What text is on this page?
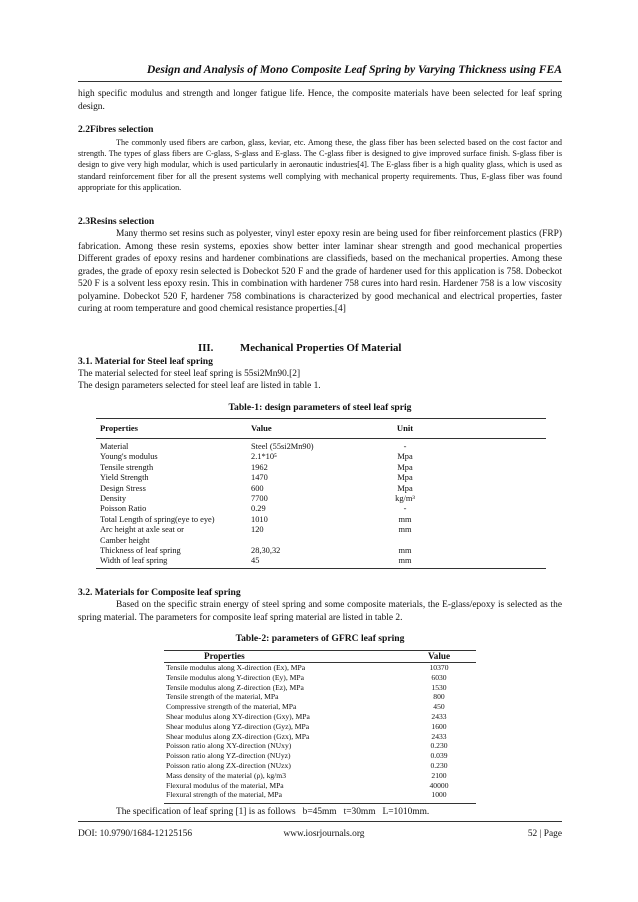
Design and Analysis of Mono Composite Leaf Spring by Varying Thickness using FEA

high specific modulus and strength and longer fatigue life. Hence, the composite materials have been selected for leaf spring design.

2.2Fibres selection

The commonly used fibers are carbon, glass, keviar, etc. Among these, the glass fiber has been selected based on the cost factor and strength. The types of glass fibers are C-glass, S-glass and E-glass. The C-glass fiber is designed to give improved surface finish. S-glass fiber is design to give very high modular, which is used particularly in aeronautic industries[4]. The E-glass fiber is a high quality glass, which is used as standard reinforcement fiber for all the present systems well complying with mechanical property requirements. Thus, E-glass fiber was found appropriate for this application.

2.3Resins selection

Many thermo set resins such as polyester, vinyl ester epoxy resin are being used for fiber reinforcement plastics (FRP) fabrication. Among these resin systems, epoxies show better inter laminar shear strength and good mechanical properties Different grades of epoxy resins and hardener combinations are classifieds, based on the mechanical properties. Among these grades, the grade of epoxy resin selected is Dobeckot 520 F and the grade of hardener used for this application is 758. Dobeckot 520 F is a solvent less epoxy resin. This in combination with hardener 758 cures into hard resin. Hardener 758 is a low viscosity polyamine. Dobeckot 520 F, hardener 758 combinations is characterized by good mechanical and electrical properties, faster curing at room temperature and good chemical resistance properties.[4]

III. Mechanical Properties Of Material

3.1. Material for Steel leaf spring

The material selected for steel leaf spring is 55si2Mn90.[2]

The design parameters selected for steel leaf are listed in table 1.

Table-1: design parameters of steel leaf sprig

Properties	Value	Unit
Material	Steel (55si2Mn90)	-
Young's modulus	2.1*10⁵	Mpa
Tensile strength	1962	Mpa
Yield Strength	1470	Mpa
Design Stress	600	Mpa
Density	7700	kg/m³
Poisson Ratio	0.29	-
Total Length of spring(eye to eye)	1010	mm
Arc height at axle seat or	120	mm
Camber height
Thickness of leaf spring	28,30,32	mm
Width of leaf spring	45	mm

3.2. Materials for Composite leaf spring

Based on the specific strain energy of steel spring and some composite materials, the E-glass/epoxy is selected as the spring material. The parameters for composite leaf spring material are listed in table 2.

Table-2: parameters of GFRC leaf spring

Properties	Value
Tensile modulus along X-direction (Ex), MPa	10370
Tensile modulus along Y-direction (Ey), MPa	6030
Tensile modulus along Z-direction (Ez), MPa	1530
Tensile strength of the material, MPa	800
Compressive strength of the material, MPa	450
Shear modulus along XY-direction (Gxy), MPa	2433
Shear modulus along YZ-direction (Gyz), MPa	1600
Shear modulus along ZX-direction (Gzx), MPa	2433
Poisson ratio along XY-direction (NUxy)	0.230
Poisson ratio along YZ-direction (NUyz)	0.039
Poisson ratio along ZX-direction (NUzx)	0.230
Mass density of the material (ρ), kg/m3	2100
Flexural modulus of the material, MPa	40000
Flexural strength of the material, MPa	1000

The specification of leaf spring [1] is as follows   b=45mm   t=30mm   L=1010mm.

DOI: 10.9790/1684-12125156	www.iosrjournals.org	52 | Page
